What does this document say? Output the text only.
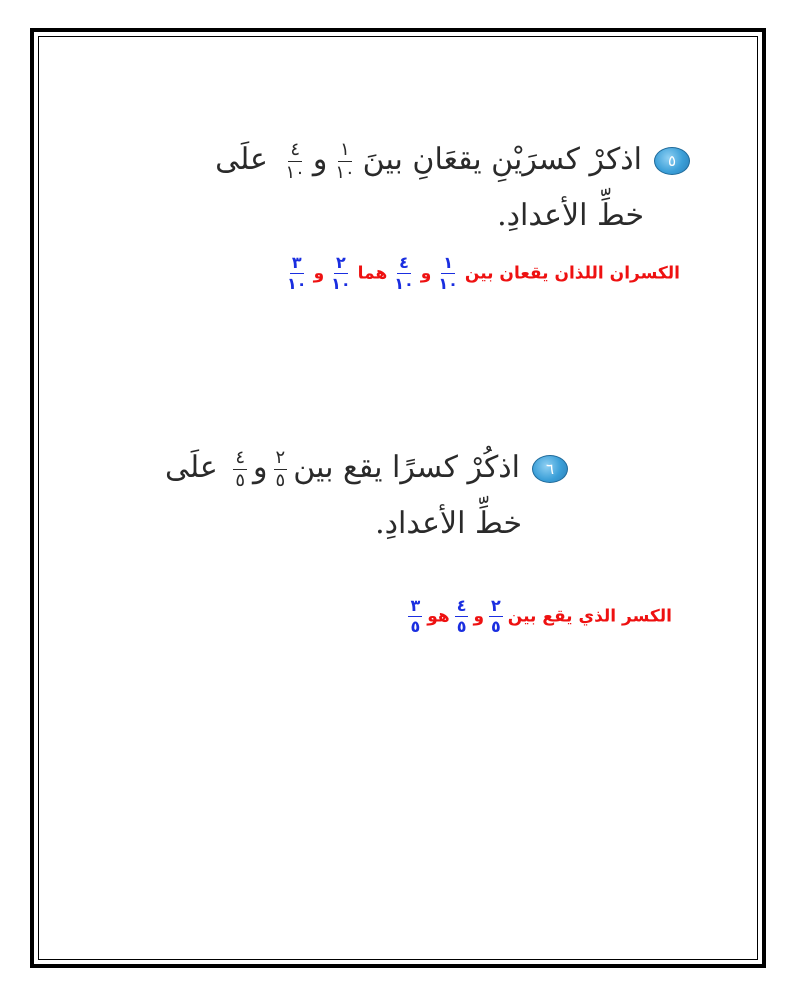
٥اذكرْ كسرَيْنِ يقعَانِ بينَ
$\frac{١}{١٠}$
و
$\frac{٤}{١٠}$
علَى
خطِّ الأعدادِ.
الكسران اللذان يقعان بين
$\frac{١}{١٠}$
و
$\frac{٤}{١٠}$
هما
$\frac{٢}{١٠}$
و
$\frac{٣}{١٠}$
٦اذكُرْ كسرًا يقع بين
$\frac{٢}{٥}$
و
$\frac{٤}{٥}$
علَى
خطِّ الأعدادِ.
الكسر الذي يقع بين
$\frac{٢}{٥}$
و
$\frac{٤}{٥}$
هو
$\frac{٣}{٥}$
